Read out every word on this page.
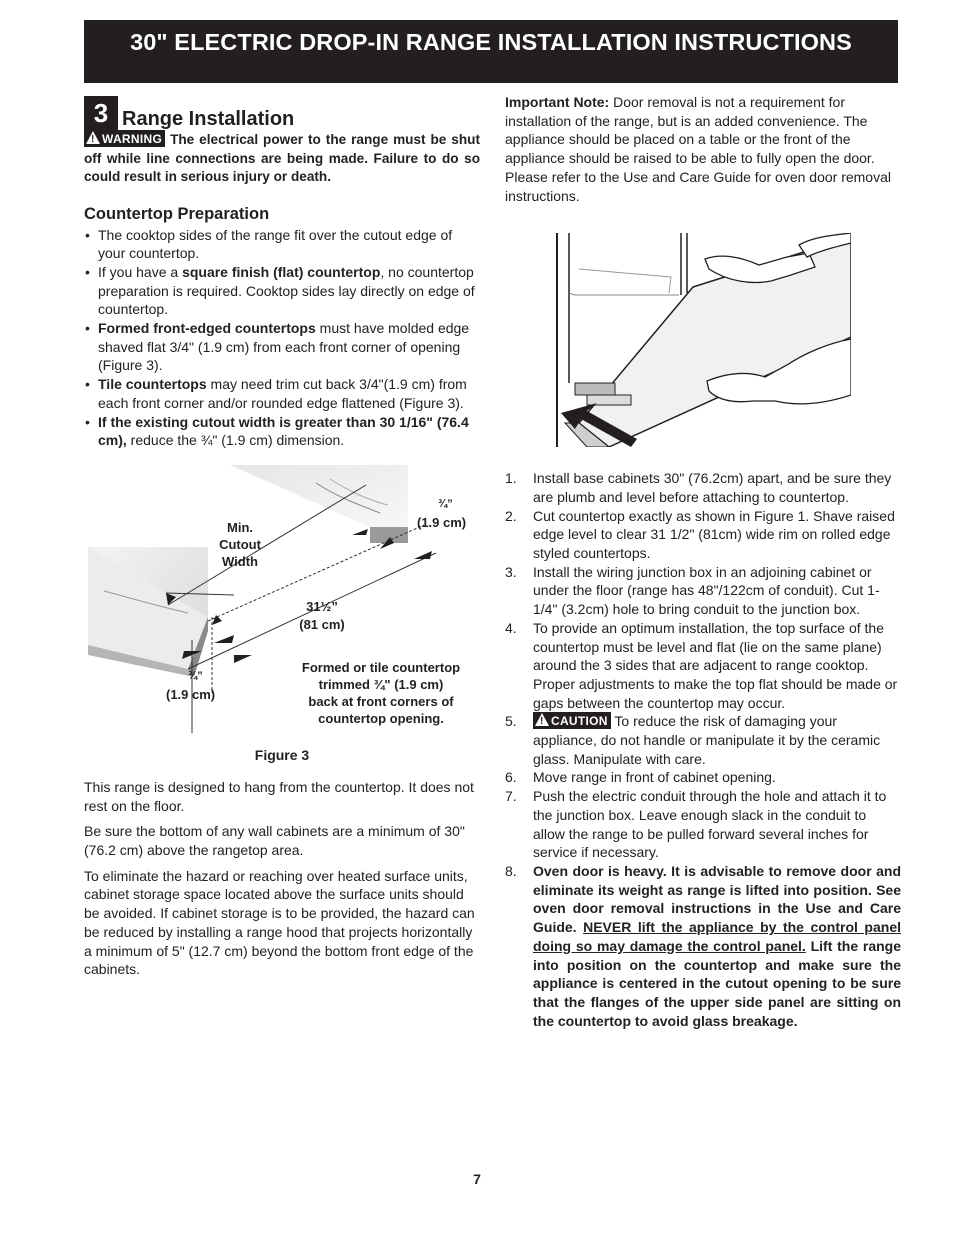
30" ELECTRIC DROP-IN RANGE INSTALLATION INSTRUCTIONS
3 Range Installation
!WARNING The electrical power to the range must be shut off while line connections are being made. Failure to do so could result in serious injury or death.
Countertop Preparation
• The cooktop sides of the range fit over the cutout edge of your countertop.
• If you have a square finish (flat) countertop, no countertop preparation is required. Cooktop sides lay directly on edge of countertop.
• Formed front-edged countertops must have molded edge shaved flat 3/4" (1.9 cm) from each front corner of opening (Figure 3).
• Tile countertops may need trim cut back 3/4"(1.9 cm) from each front corner and/or rounded edge flattened (Figure 3).
• If the existing cutout width is greater than 30 1/16" (76.4 cm), reduce the ¾" (1.9 cm) dimension.
Min.
Cutout
Width
¾”
(1.9 cm)
31½”
(81 cm)
¾”
(1.9 cm)
Formed or tile countertop
trimmed ¾" (1.9 cm)
back at front corners of
countertop opening.

Figure 3

This range is designed to hang from the countertop. It does not rest on the floor.

Be sure the bottom of any wall cabinets are a minimum of 30" (76.2 cm) above the rangetop area.

To eliminate the hazard or reaching over heated surface units, cabinet storage space located above the surface units should be avoided. If cabinet storage is to be provided, the hazard can be reduced by installing a range hood that projects horizontally a minimum of 5" (12.7 cm) beyond the bottom front edge of the cabinets.

Important Note: Door removal is not a requirement for installation of the range, but is an added convenience. The appliance should be placed on a table or the front of the appliance should be raised to be able to fully open the door. Please refer to the Use and Care Guide for oven door removal instructions.

1. Install base cabinets 30" (76.2cm) apart, and be sure they are plumb and level before attaching to countertop.
2. Cut countertop exactly as shown in Figure 1. Shave raised edge level to clear 31 1/2" (81cm) wide rim on rolled edge styled countertops.
3. Install the wiring junction box in an adjoining cabinet or under the floor (range has 48"/122cm of conduit). Cut 1-1/4" (3.2cm) hole to bring conduit to the junction box.
4. To provide an optimum installation, the top surface of the countertop must be level and flat (lie on the same plane) around the 3 sides that are adjacent to range cooktop. Proper adjustments to make the top flat should be made or gaps between the countertop may occur.
5.
!	CAUTION To reduce the risk of damaging your appliance, do not handle or manipulate it by the ceramic glass. Manipulate with care.
6. Move range in front of cabinet opening.
7. Push the electric conduit through the hole and attach it to the junction box. Leave enough slack in the conduit to allow the range to be pulled forward several inches for service if necessary.
8. Oven door is heavy. It is advisable to remove door and eliminate its weight as range is lifted into position. See oven door removal instructions in the Use and Care Guide. NEVER lift the appliance by the control panel doing so may damage the control panel. Lift the range into position on the countertop and make sure the appliance is centered in the cutout opening to be sure that the flanges of the upper side panel are sitting on the countertop to avoid glass breakage.
7
